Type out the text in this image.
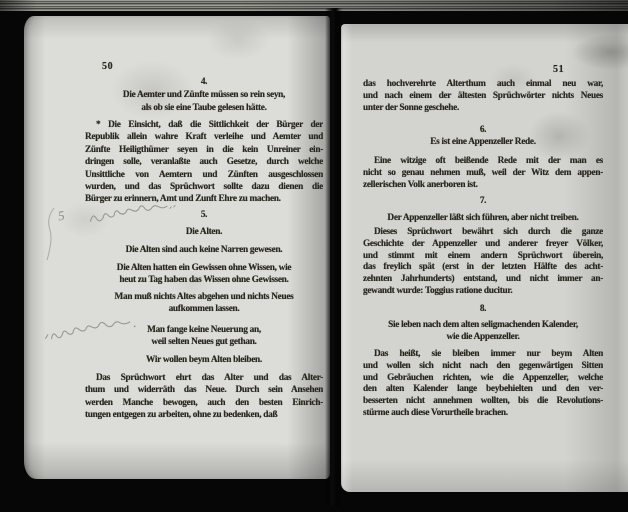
50
4.
Die Aemter und Zünfte müssen so rein seyn,
als ob sie eine Taube gelesen hätte.
* Die Einsicht, daß die Sittlichkeit der Bürger der
Republik allein wahre Kraft verleihe und Aemter und
Zünfte Heiligthümer seyen in die kein Unreiner ein-
dringen solle, veranlaßte auch Gesetze, durch welche
Unsittliche von Aemtern und Zünften ausgeschlossen
wurden, und das Sprüchwort sollte dazu dienen die
Bürger zu erinnern, Amt und Zunft Ehre zu machen.
5	5.
Die Alten.
Die Alten sind auch keine Narren gewesen.
Die Alten hatten ein Gewissen ohne Wissen, wie
heut zu Tag haben das Wissen ohne Gewissen.
Man muß nichts Altes abgehen und nichts Neues
aufkommen lassen.
Man fange keine Neuerung an,
weil selten Neues gut gethan.
Wir wollen beym Alten bleiben.
Das Sprüchwort ehrt das Alter und das Alter-
thum und widerräth das Neue. Durch sein Ansehen
werden Manche bewogen, auch den besten Einrich-
tungen entgegen zu arbeiten, ohne zu bedenken, daß
51
das hochverehrte Alterthum auch einmal neu war,
und nach einem der ältesten Sprüchwörter nichts Neues
unter der Sonne geschehe.
6.
Es ist eine Appenzeller Rede.
Eine witzige oft beißende Rede mit der man es
nicht so genau nehmen muß, weil der Witz dem appen-
zellerischen Volk anerboren ist.
7.
Der Appenzeller läßt sich führen, aber nicht treiben.
Dieses Sprüchwort bewährt sich durch die ganze
Geschichte der Appenzeller und anderer freyer Völker,
und stimmt mit einem andern Sprüchwort überein,
das freylich spät (erst in der letzten Hälfte des acht-
zehnten Jahrhunderts) entstand, und nicht immer an-
gewandt wurde: Toggius ratione ducitur.
8.
Sie leben nach dem alten seligmachenden Kalender,
wie die Appenzeller.
Das heißt, sie bleiben immer nur beym Alten
und wollen sich nicht nach den gegenwärtigen Sitten
und Gebräuchen richten, wie die Appenzeller, welche
den alten Kalender lange beybehielten und den ver-
besserten nicht annehmen wollten, bis die Revolutions-
stürme auch diese Vorurtheile brachen.
